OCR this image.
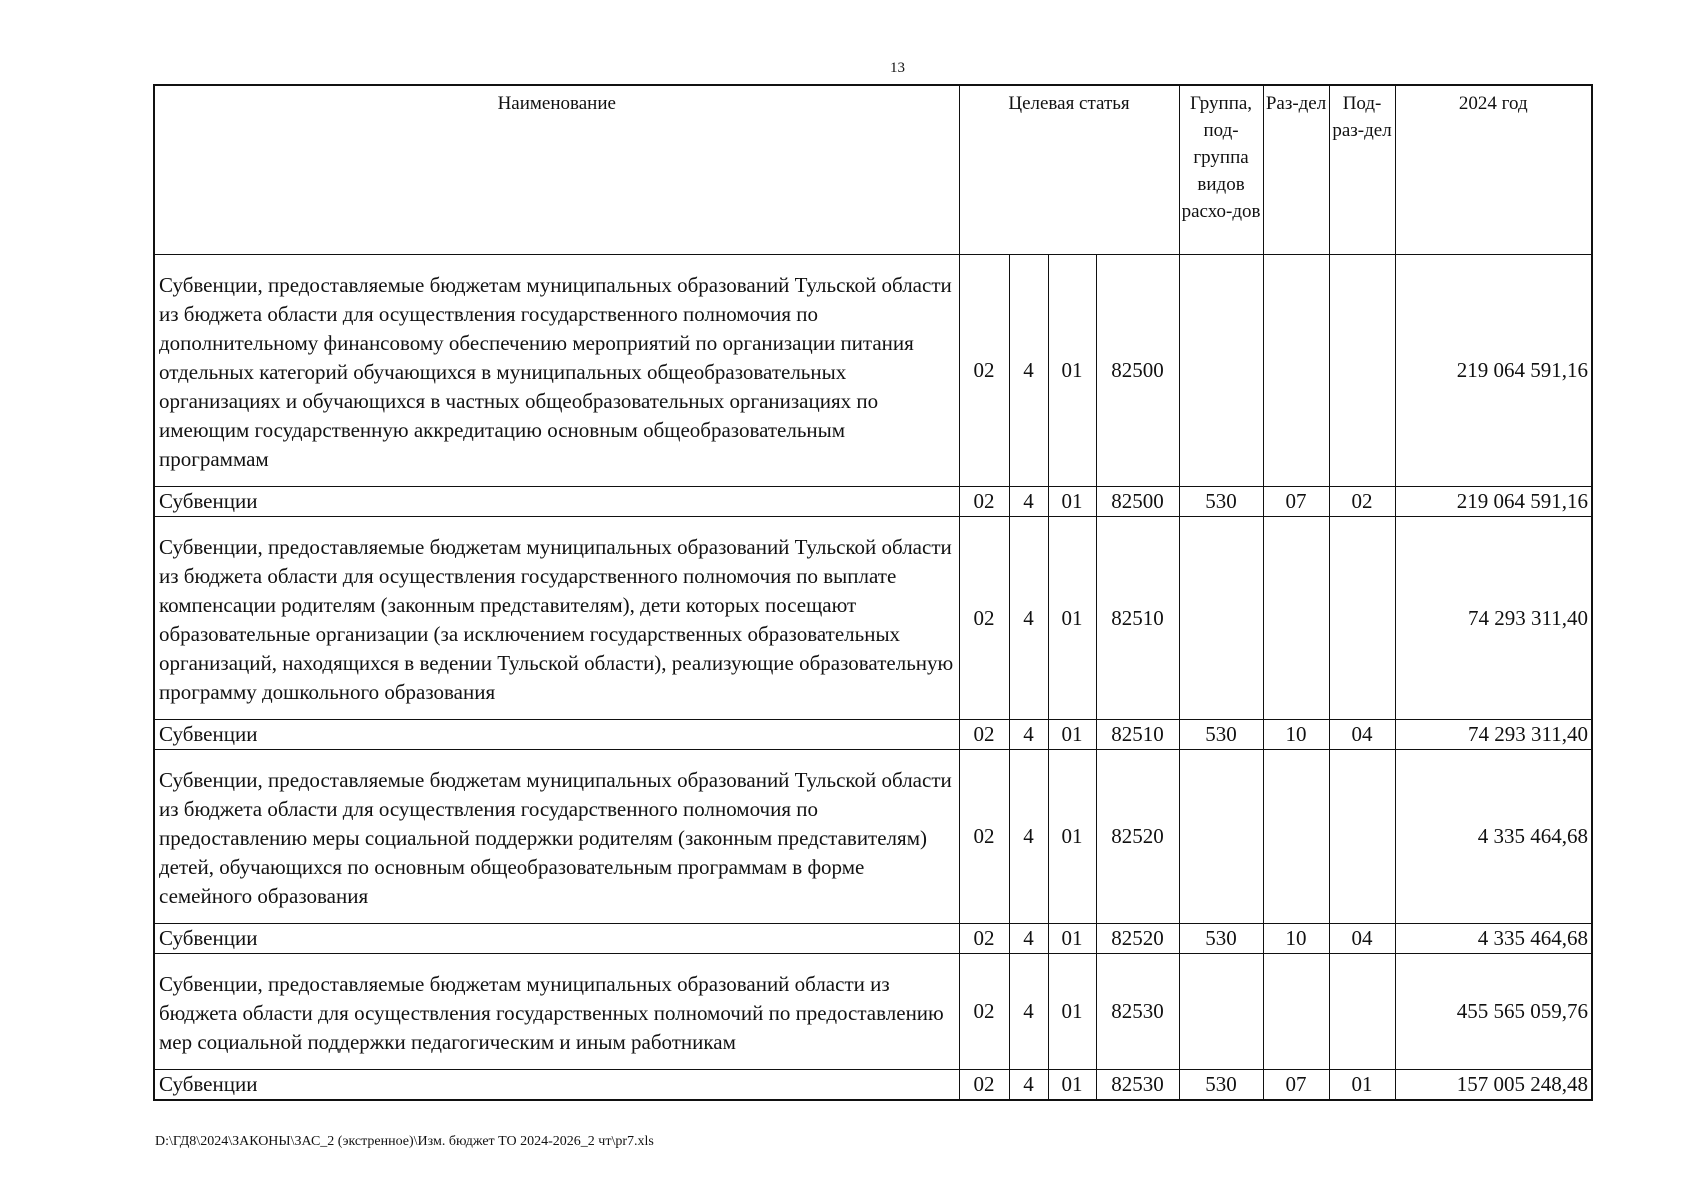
13
Наименование	Целевая статья				Группа, под-группа видов расхо-дов	Раз-дел	Под-раз-дел	2024 год
Субвенции, предоставляемые бюджетам муниципальных образований Тульской области из бюджета области для осуществления государственного полномочия по дополнительному финансовому обеспечению мероприятий по организации питания отдельных категорий обучающихся в муниципальных общеобразовательных организациях и обучающихся в частных общеобразовательных организациях по имеющим государственную аккредитацию основным общеобразовательным программам	02	4	01	82500				219 064 591,16
Субвенции	02	4	01	82500	530	07	02	219 064 591,16
Субвенции, предоставляемые бюджетам муниципальных образований Тульской области из бюджета области для осуществления государственного полномочия по выплате компенсации родителям (законным представителям), дети которых посещают образовательные организации (за исключением государственных образовательных организаций, находящихся в ведении Тульской области), реализующие образовательную программу дошкольного образования	02	4	01	82510				74 293 311,40
Субвенции	02	4	01	82510	530	10	04	74 293 311,40
Субвенции, предоставляемые бюджетам муниципальных образований Тульской области из бюджета области для осуществления государственного полномочия по предоставлению меры социальной поддержки родителям (законным представителям) детей, обучающихся по основным общеобразовательным программам в форме семейного образования	02	4	01	82520				4 335 464,68
Субвенции	02	4	01	82520	530	10	04	4 335 464,68
Субвенции, предоставляемые бюджетам муниципальных образований области из бюджета области для осуществления государственных полномочий по предоставлению мер социальной поддержки педагогическим и иным работникам	02	4	01	82530				455 565 059,76
Субвенции	02	4	01	82530	530	07	01	157 005 248,48
D:\ГД8\2024\ЗАКОНЫ\ЗАС_2 (экстренное)\Изм. бюджет ТО 2024-2026_2 чт\pr7.xls
